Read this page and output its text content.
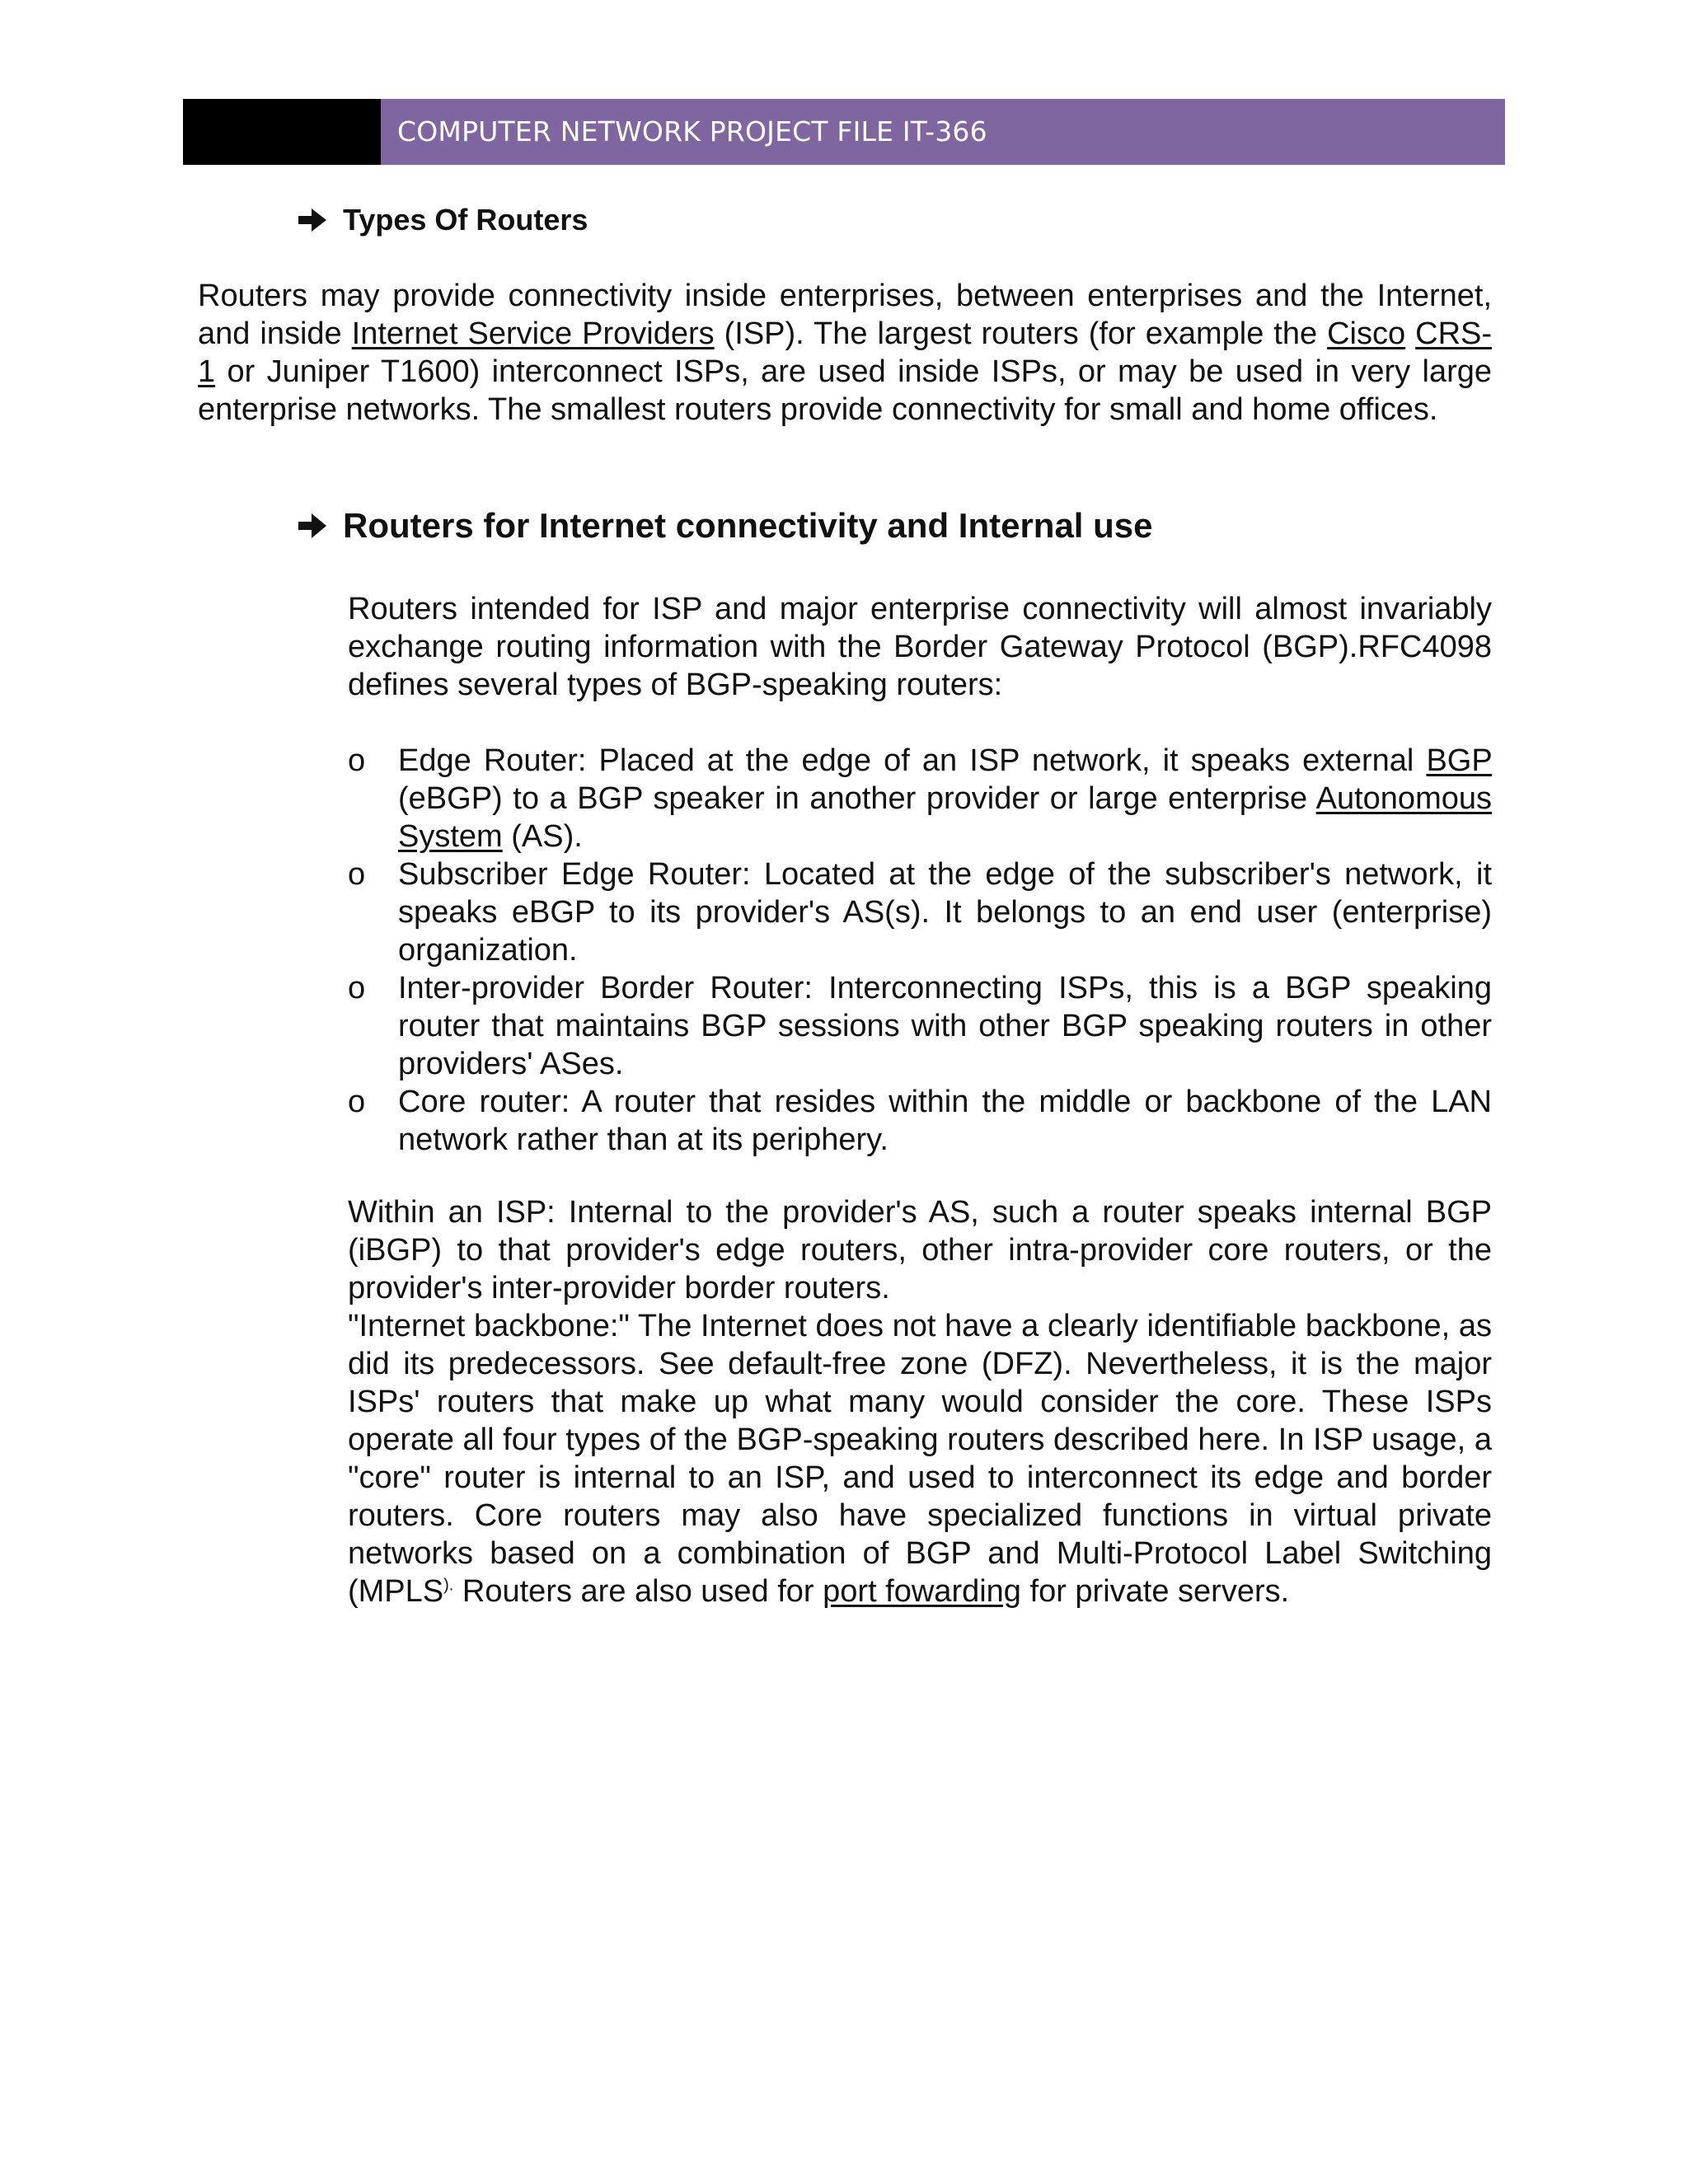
COMPUTER NETWORK PROJECT FILE IT-366
Types Of Routers

Routers may provide connectivity inside enterprises, between enterprises and the Internet, and inside Internet Service Providers (ISP). The largest routers (for example the Cisco CRS-1 or Juniper T1600) interconnect ISPs, are used inside ISPs, or may be used in very large enterprise networks. The smallest routers provide connectivity for small and home offices.

Routers for Internet connectivity and Internal use

Routers intended for ISP and major enterprise connectivity will almost invariably exchange routing information with the Border Gateway Protocol (BGP).RFC4098 defines several types of BGP-speaking routers:

o Edge Router: Placed at the edge of an ISP network, it speaks external BGP (eBGP) to a BGP speaker in another provider or large enterprise Autonomous System (AS).
o Subscriber Edge Router: Located at the edge of the subscriber's network, it speaks eBGP to its provider's AS(s). It belongs to an end user (enterprise) organization.
o Inter-provider Border Router: Interconnecting ISPs, this is a BGP speaking router that maintains BGP sessions with other BGP speaking routers in other providers' ASes.
o Core router: A router that resides within the middle or backbone of the LAN network rather than at its periphery.

Within an ISP: Internal to the provider's AS, such a router speaks internal BGP (iBGP) to that provider's edge routers, other intra-provider core routers, or the provider's inter-provider border routers.

"Internet backbone:" The Internet does not have a clearly identifiable backbone, as did its predecessors. See default-free zone (DFZ). Nevertheless, it is the major ISPs' routers that make up what many would consider the core. These ISPs operate all four types of the BGP-speaking routers described here. In ISP usage, a "core" router is internal to an ISP, and used to interconnect its edge and border routers. Core routers may also have specialized functions in virtual private networks based on a combination of BGP and Multi-Protocol Label Switching (MPLS). Routers are also used for port fowarding for private servers.
